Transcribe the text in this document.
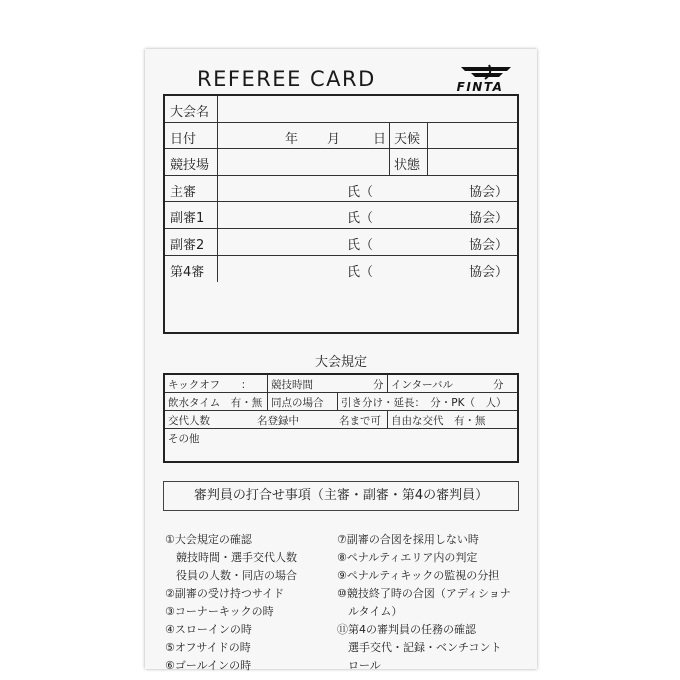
REFEREE CARD	FINTA
大会名
日付	年 月	日 天候
競技場	状態
主審	氏（	協会）
副審1	氏（	協会）
副審2	氏（	協会）
第4審	氏（	協会）
大会規定
キックオフ　　： 競技時間	分 インターバル	分
飲水タイム　有・無 同点の場合 引き分け・延長：　分・PK（　人）
交代人数	名登録中	名まで可 自由な交代　有・無
その他
審判員の打合せ事項（主審・副審・第4の審判員）
①大会規定の確認
　競技時間・選手交代人数
　役員の人数・同店の場合
②副審の受け持つサイド
③コーナーキックの時
④スローインの時
⑤オフサイドの時
⑥ゴールインの時
⑦副審の合図を採用しない時
⑧ペナルティエリア内の判定
⑨ペナルティキックの監視の分担
⑩競技終了時の合図（アディショナ
　ルタイム）
⑪第4の審判員の任務の確認
　選手交代・記録・ベンチコント
　ロール
